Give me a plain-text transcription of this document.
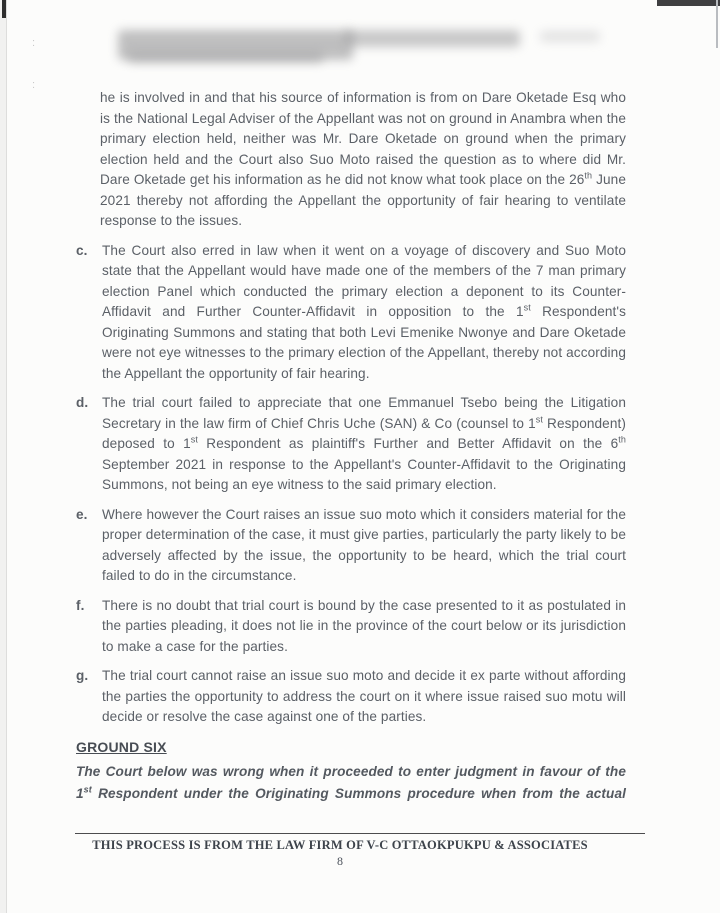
:
:

he is involved in and that his source of information is from on Dare Oketade Esq who is the National Legal Adviser of the Appellant was not on ground in Anambra when the primary election held, neither was Mr. Dare Oketade on ground when the primary election held and the Court also Suo Moto raised the question as to where did Mr. Dare Oketade get his information as he did not know what took place on the 26th June 2021 thereby not affording the Appellant the opportunity of fair hearing to ventilate response to the issues.

c.	The Court also erred in law when it went on a voyage of discovery and Suo Moto state that the Appellant would have made one of the members of the 7 man primary election Panel which conducted the primary election a deponent to its Counter-Affidavit and Further Counter-Affidavit in opposition to the 1st Respondent's Originating Summons and stating that both Levi Emenike Nwonye and Dare Oketade were not eye witnesses to the primary election of the Appellant, thereby not according the Appellant the opportunity of fair hearing.
d.	The trial court failed to appreciate that one Emmanuel Tsebo being the Litigation Secretary in the law firm of Chief Chris Uche (SAN) & Co (counsel to 1st Respondent) deposed to 1st Respondent as plaintiff's Further and Better Affidavit on the 6th September 2021 in response to the Appellant's Counter-Affidavit to the Originating Summons, not being an eye witness to the said primary election.
e.	Where however the Court raises an issue suo moto which it considers material for the proper determination of the case, it must give parties, particularly the party likely to be adversely affected by the issue, the opportunity to be heard, which the trial court failed to do in the circumstance.
f.	There is no doubt that trial court is bound by the case presented to it as postulated in the parties pleading, it does not lie in the province of the court below or its jurisdiction to make a case for the parties.
g.	The trial court cannot raise an issue suo moto and decide it ex parte without affording the parties the opportunity to address the court on it where issue raised suo motu will decide or resolve the case against one of the parties.
GROUND SIX
The Court below was wrong when it proceeded to enter judgment in favour of the 1st Respondent under the Originating Summons procedure when from the actual
THIS PROCESS IS FROM THE LAW FIRM OF V-C OTTAOKPUKPU & ASSOCIATES
8
